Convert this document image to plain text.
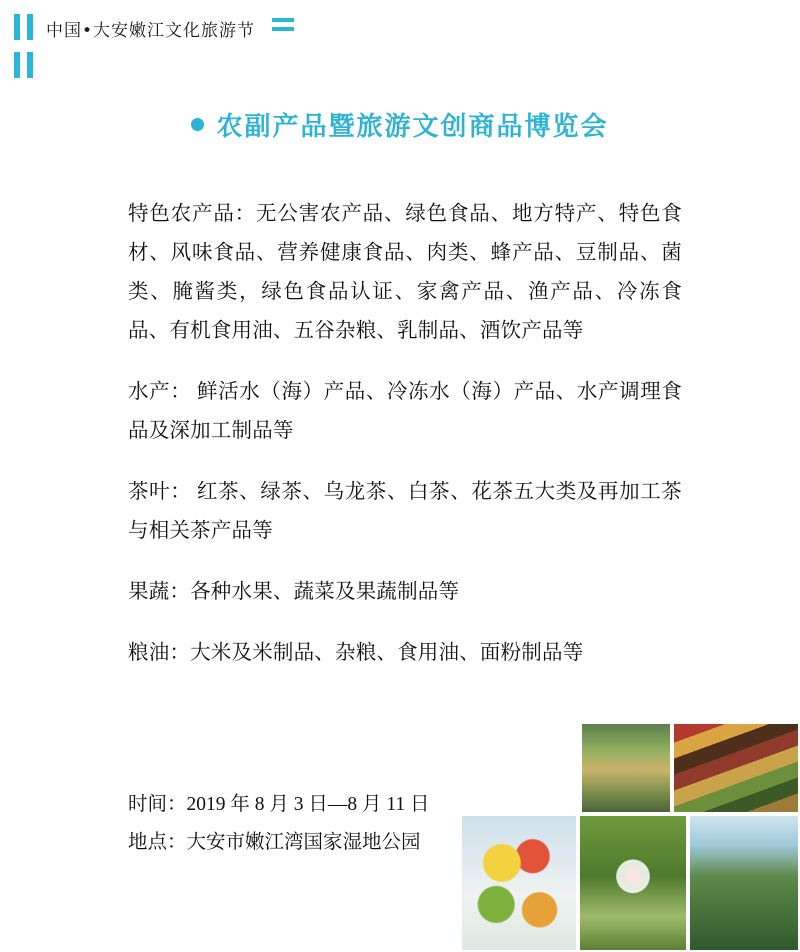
中国•大安嫩江文化旅游节
农副产品暨旅游文创商品博览会

特色农产品：无公害农产品、绿色食品、地方特产、特色食材、风味食品、营养健康食品、肉类、蜂产品、豆制品、菌类、腌酱类，绿色食品认证、家禽产品、渔产品、冷冻食品、有机食用油、五谷杂粮、乳制品、酒饮产品等

水产： 鲜活水（海）产品、冷冻水（海）产品、水产调理食品及深加工制品等

茶叶： 红茶、绿茶、乌龙茶、白茶、花茶五大类及再加工茶与相关茶产品等

果蔬：各种水果、蔬菜及果蔬制品等

粮油：大米及米制品、杂粮、食用油、面粉制品等

时间：2019 年 8 月 3 日—8 月 11 日
地点：大安市嫩江湾国家湿地公园
